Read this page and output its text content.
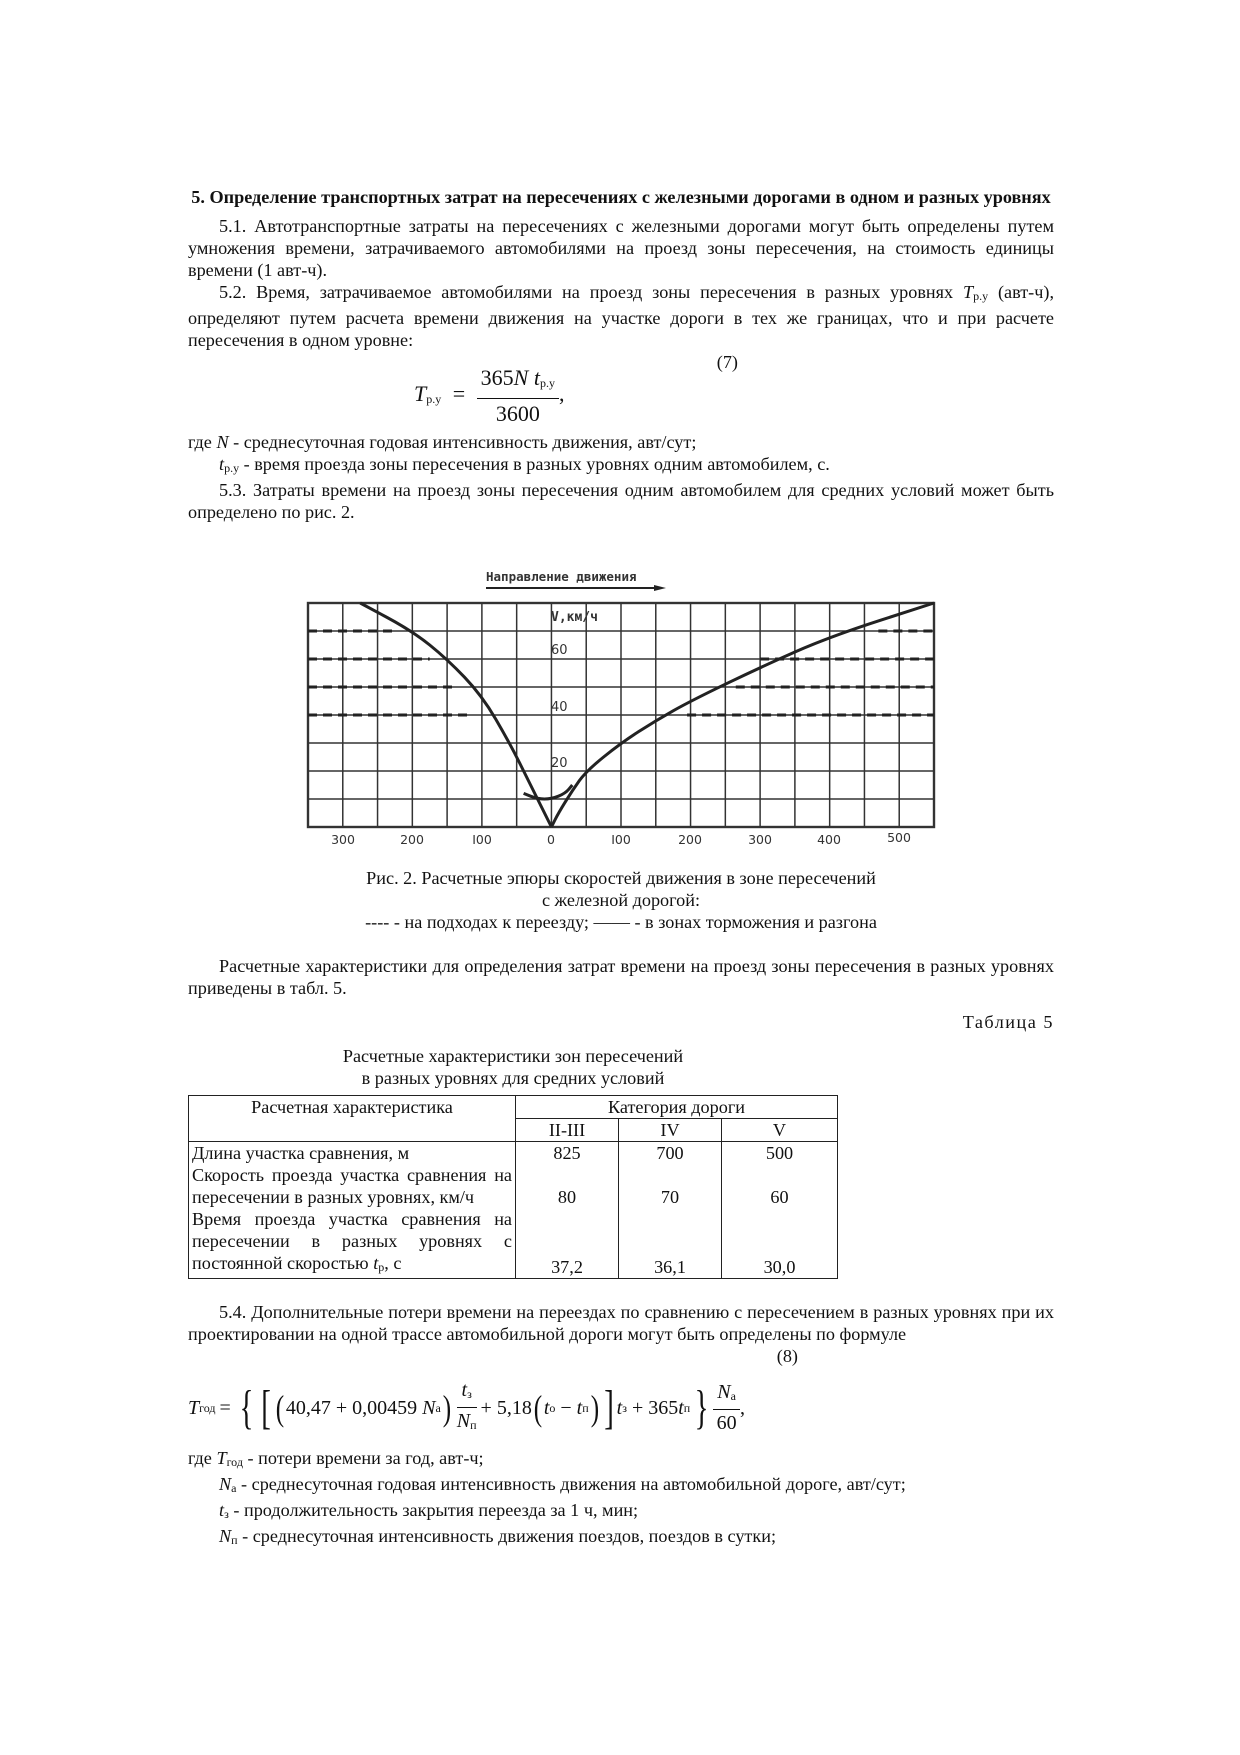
5. Определение транспортных затрат на пересечениях с железными дорогами в одном и разных уровнях

5.1. Автотранспортные затраты на пересечениях с железными дорогами могут быть определены путем умножения времени, затрачиваемого автомобилями на проезд зоны пересечения, на стоимость единицы времени (1 авт-ч).

5.2. Время, затрачиваемое автомобилями на проезд зоны пересечения в разных уровнях $T_{р.у}$ (авт-ч), определяют путем расчета времени движения на участке дороги в тех же границах, что и при расчете пересечения в одном уровне:

(7)

$T_{р.у} = \frac{365N t_{р.у}}{3600}$ ,

где N - среднесуточная годовая интенсивность движения, авт/сут;

$t_{р.у}$ - время проезда зоны пересечения в разных уровнях одним автомобилем, с.

5.3. Затраты времени на проезд зоны пересечения одним автомобилем для средних условий может быть определено по рис. 2.

Направление движения
V,км/ч
60
40
20
300	200	I00	0	I00	200	300	400	500
Рис. 2. Расчетные эпюры скоростей движения в зоне пересечений
с железной дорогой:
---- - на подходах к переезду; —— - в зонах торможения и разгона

Расчетные характеристики для определения затрат времени на проезд зоны пересечения в разных уровнях приведены в табл. 5.

Таблица 5

Расчетные характеристики зон пересечений
в разных уровнях для средних условий
Расчетная характеристика	Категория дороги		
	II-III	IV	V
Длина участка сравнения, м	825	700	500
Скорость проезда участка сравнения на пересечении в разных уровнях, км/ч	80	70	60
Время проезда участка сравнения на пересечении в разных уровнях с постоянной скоростью $t_р$, с	37,2	36,1	30,0

5.4. Дополнительные потери времени на переездах по сравнению с пересечением в разных уровнях при их проектировании на одной трассе автомобильной дороги могут быть определены по формуле

(8)

T год = { [ ( 40,47 + 0,00459
N а ) $\frac{t_з}{N_п} + 5,18$ ( t о
−
t п ) ] t з
+ 365 t п } $\frac{N_а}{60}$ ,

где $T_{год}$ - потери времени за год, авт-ч;

$N_а$ - среднесуточная годовая интенсивность движения на автомобильной дороге, авт/сут;

$t_з$ - продолжительность закрытия переезда за 1 ч, мин;

$N_п$ - среднесуточная интенсивность движения поездов, поездов в сутки;
